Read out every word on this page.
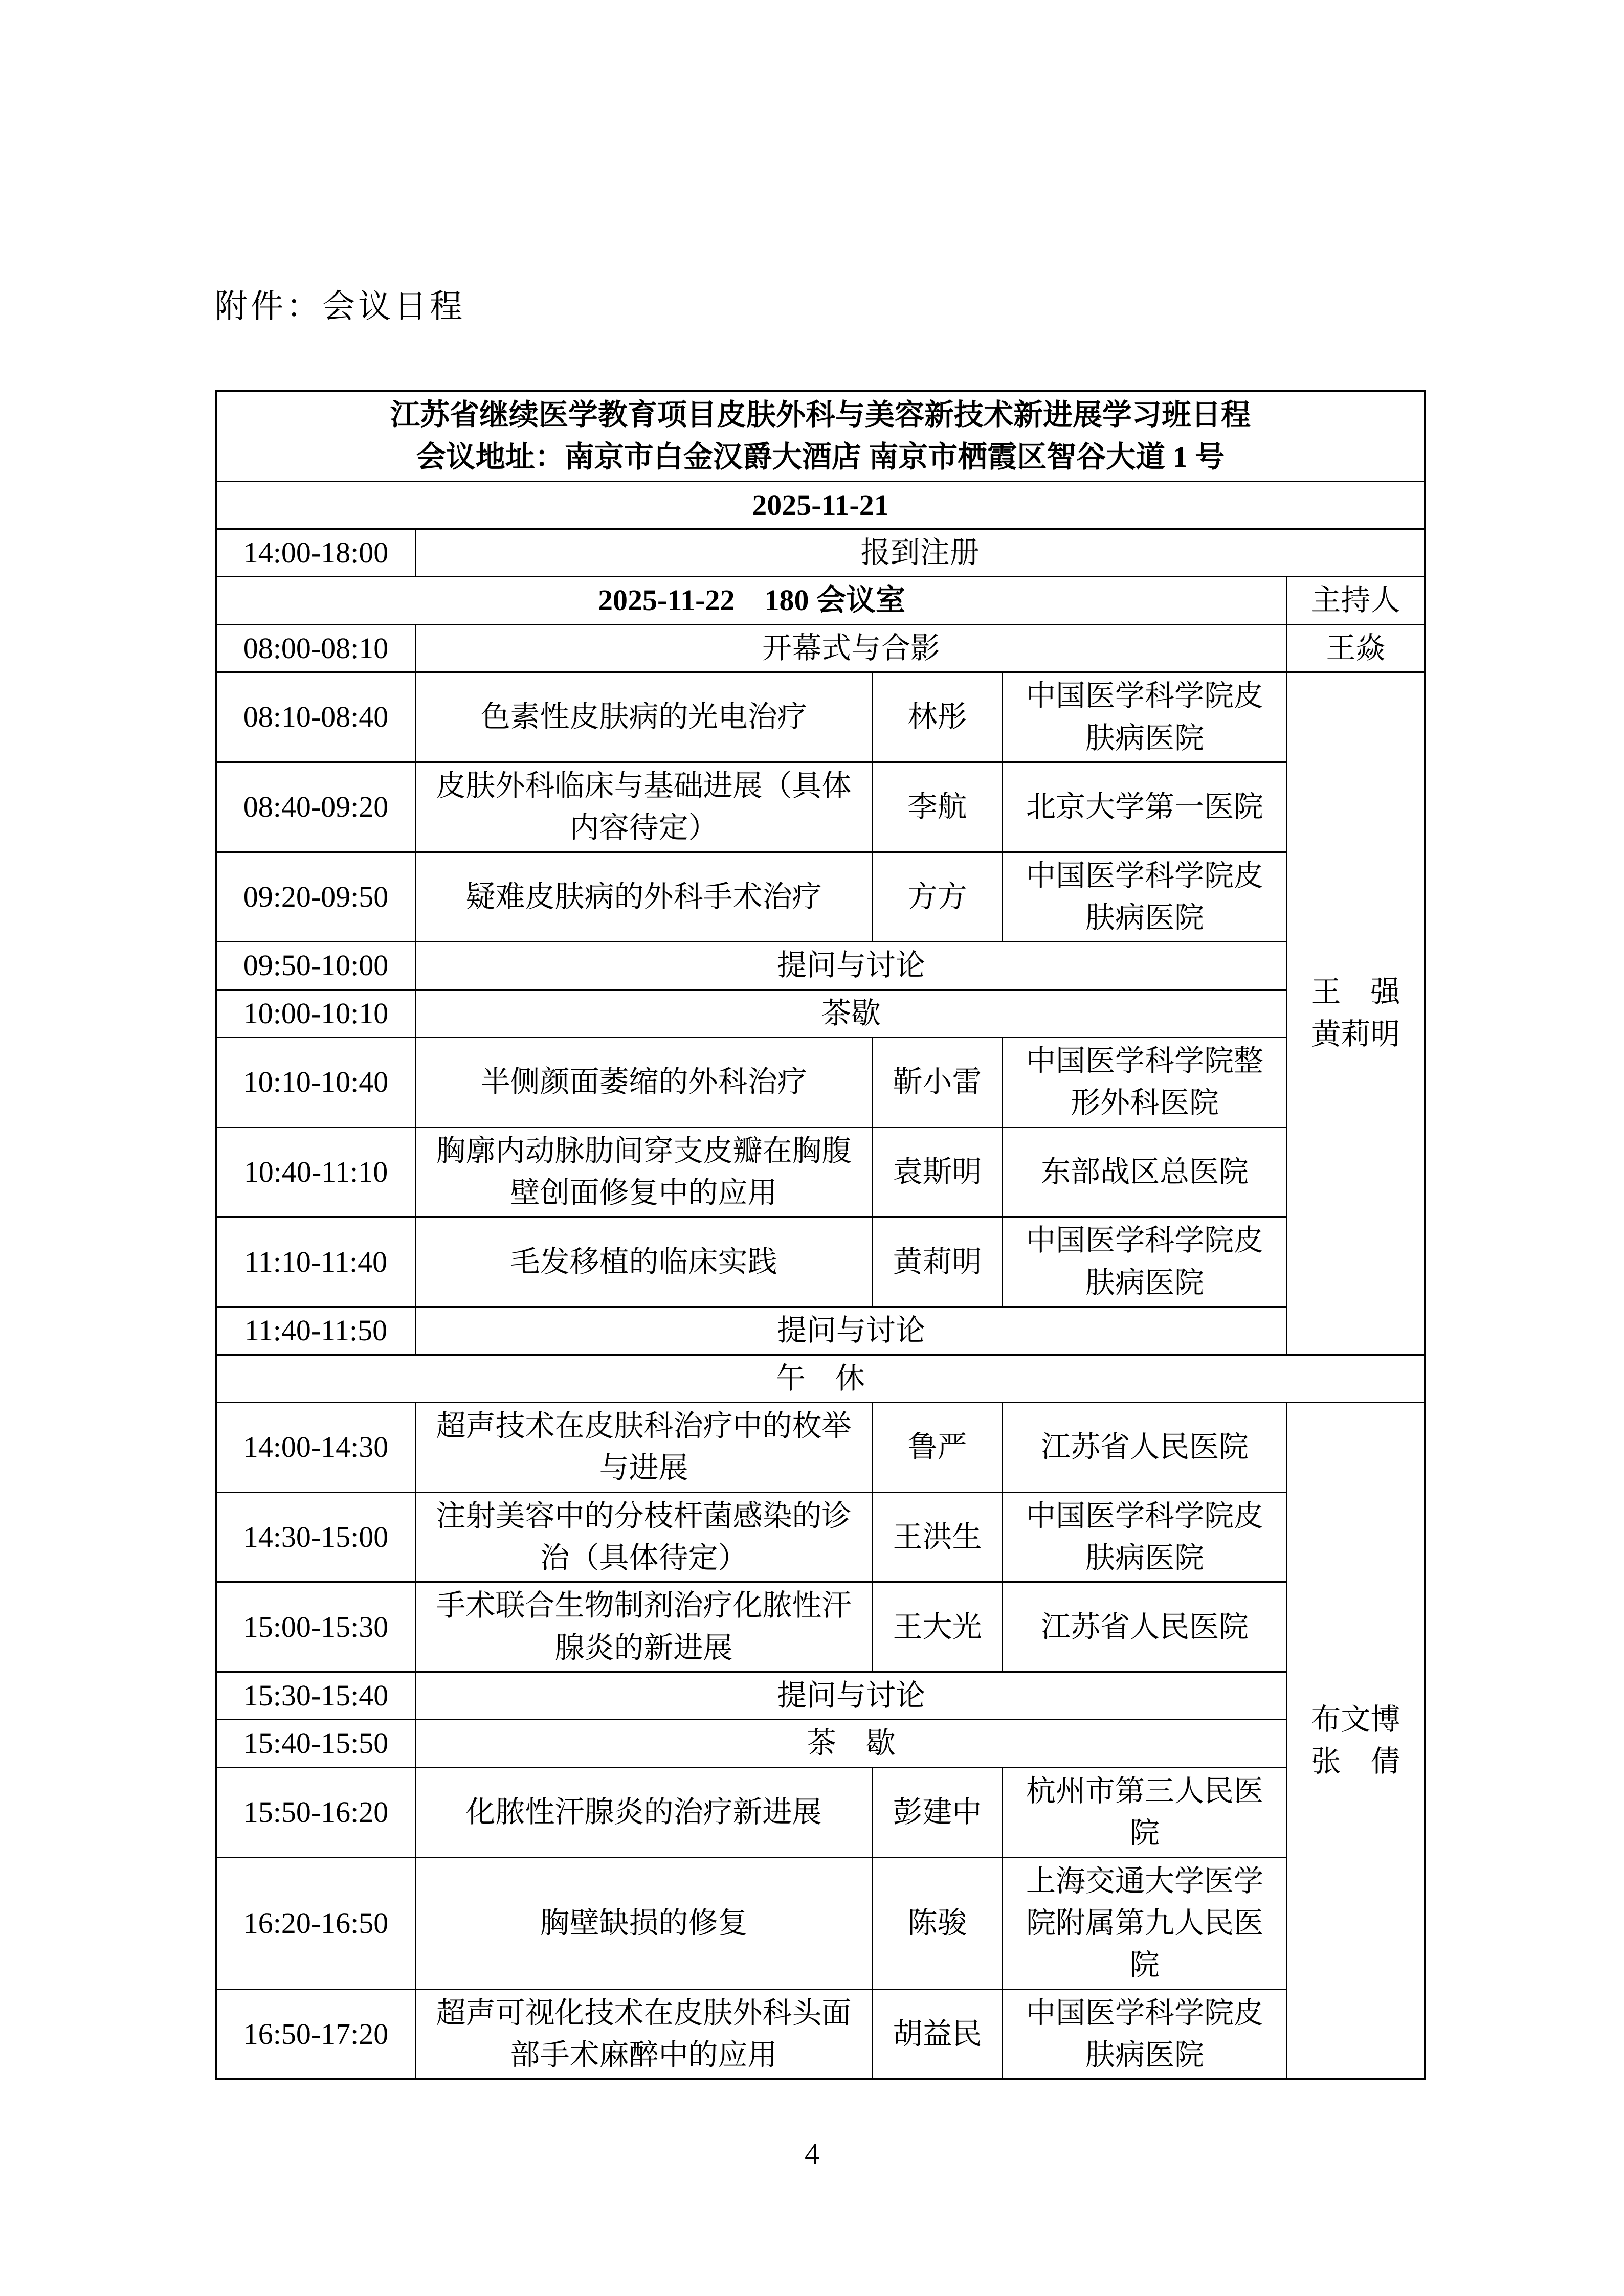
附件：会议日程
江苏省继续医学教育项目皮肤外科与美容新技术新进展学习班日程
会议地址：南京市白金汉爵大酒店 南京市栖霞区智谷大道 1 号				

2025-11-21				
14:00-18:00	报到注册			
2025-11-22　180 会议室				主持人
08:00-08:10	开幕式与合影			王焱
08:10-08:40	色素性皮肤病的光电治疗	林彤	中国医学科学院皮肤病医院	王　强
黄莉明
08:40-09:20	皮肤外科临床与基础进展（具体内容待定）	李航	北京大学第一医院	
09:20-09:50	疑难皮肤病的外科手术治疗	方方	中国医学科学院皮肤病医院	
09:50-10:00	提问与讨论			
10:00-10:10	茶歇			
10:10-10:40	半侧颜面萎缩的外科治疗	靳小雷	中国医学科学院整形外科医院	
10:40-11:10	胸廓内动脉肋间穿支皮瓣在胸腹壁创面修复中的应用	袁斯明	东部战区总医院	
11:10-11:40	毛发移植的临床实践	黄莉明	中国医学科学院皮肤病医院	
11:40-11:50	提问与讨论			
午　休				
14:00-14:30	超声技术在皮肤科治疗中的枚举与进展	鲁严	江苏省人民医院	布文博
张　倩
14:30-15:00	注射美容中的分枝杆菌感染的诊治（具体待定）	王洪生	中国医学科学院皮肤病医院	
15:00-15:30	手术联合生物制剂治疗化脓性汗腺炎的新进展	王大光	江苏省人民医院	
15:30-15:40	提问与讨论			
15:40-15:50	茶　歇			
15:50-16:20	化脓性汗腺炎的治疗新进展	彭建中	杭州市第三人民医院	
16:20-16:50	胸壁缺损的修复	陈骏	上海交通大学医学院附属第九人民医院	
16:50-17:20	超声可视化技术在皮肤外科头面部手术麻醉中的应用	胡益民	中国医学科学院皮肤病医院	
4
